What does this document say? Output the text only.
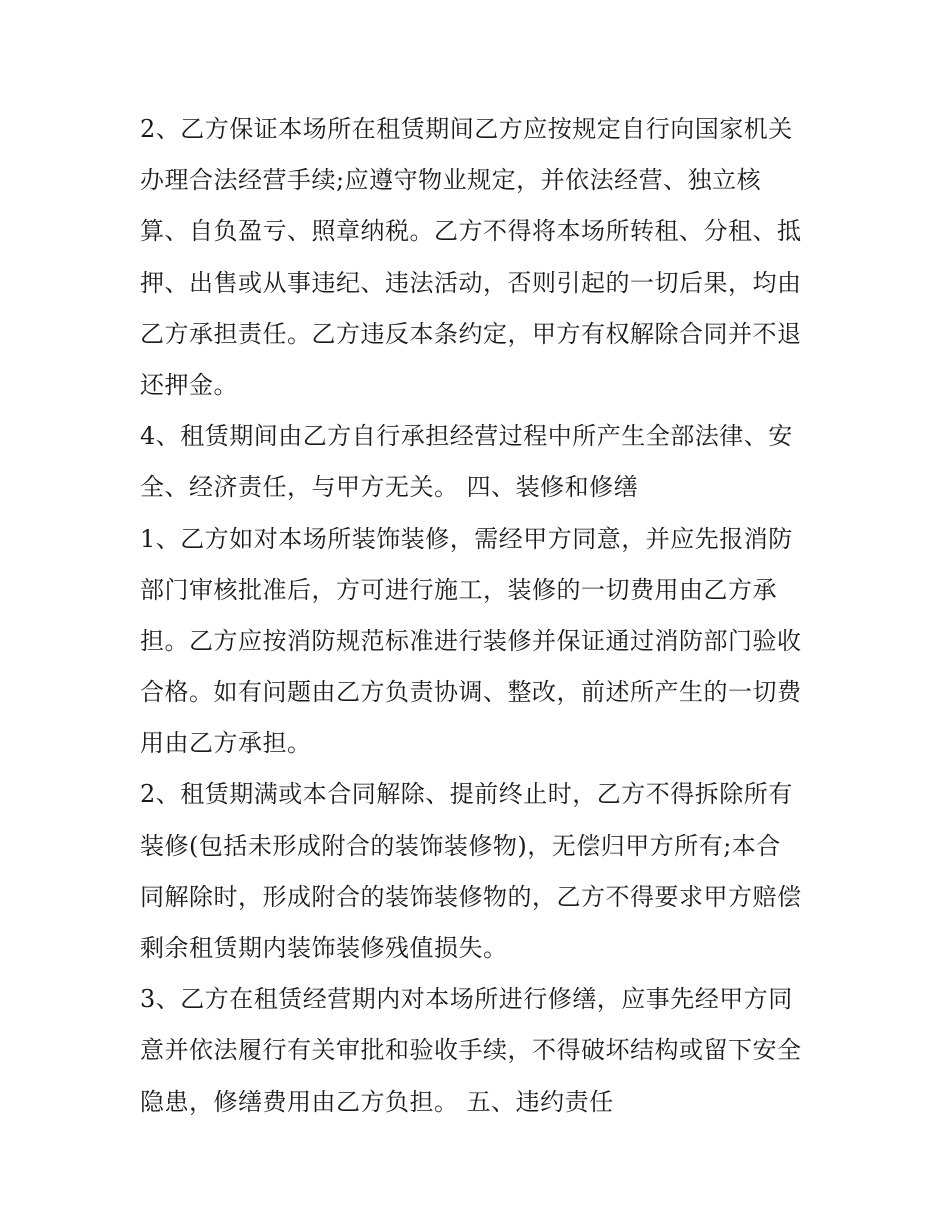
2、乙方保证本场所在租赁期间乙方应按规定自行向国家机关
办理合法经营手续;应遵守物业规定，并依法经营、独立核
算、自负盈亏、照章纳税。乙方不得将本场所转租、分租、抵
押、出售或从事违纪、违法活动，否则引起的一切后果，均由
乙方承担责任。乙方违反本条约定，甲方有权解除合同并不退
还押金。
4、租赁期间由乙方自行承担经营过程中所产生全部法律、安
全、经济责任，与甲方无关。 四、装修和修缮
1、乙方如对本场所装饰装修，需经甲方同意，并应先报消防
部门审核批准后，方可进行施工，装修的一切费用由乙方承
担。乙方应按消防规范标准进行装修并保证通过消防部门验收
合格。如有问题由乙方负责协调、整改，前述所产生的一切费
用由乙方承担。
2、租赁期满或本合同解除、提前终止时，乙方不得拆除所有
装修(包括未形成附合的装饰装修物)，无偿归甲方所有;本合
同解除时，形成附合的装饰装修物的，乙方不得要求甲方赔偿
剩余租赁期内装饰装修残值损失。
3、乙方在租赁经营期内对本场所进行修缮，应事先经甲方同
意并依法履行有关审批和验收手续，不得破坏结构或留下安全
隐患，修缮费用由乙方负担。 五、违约责任
